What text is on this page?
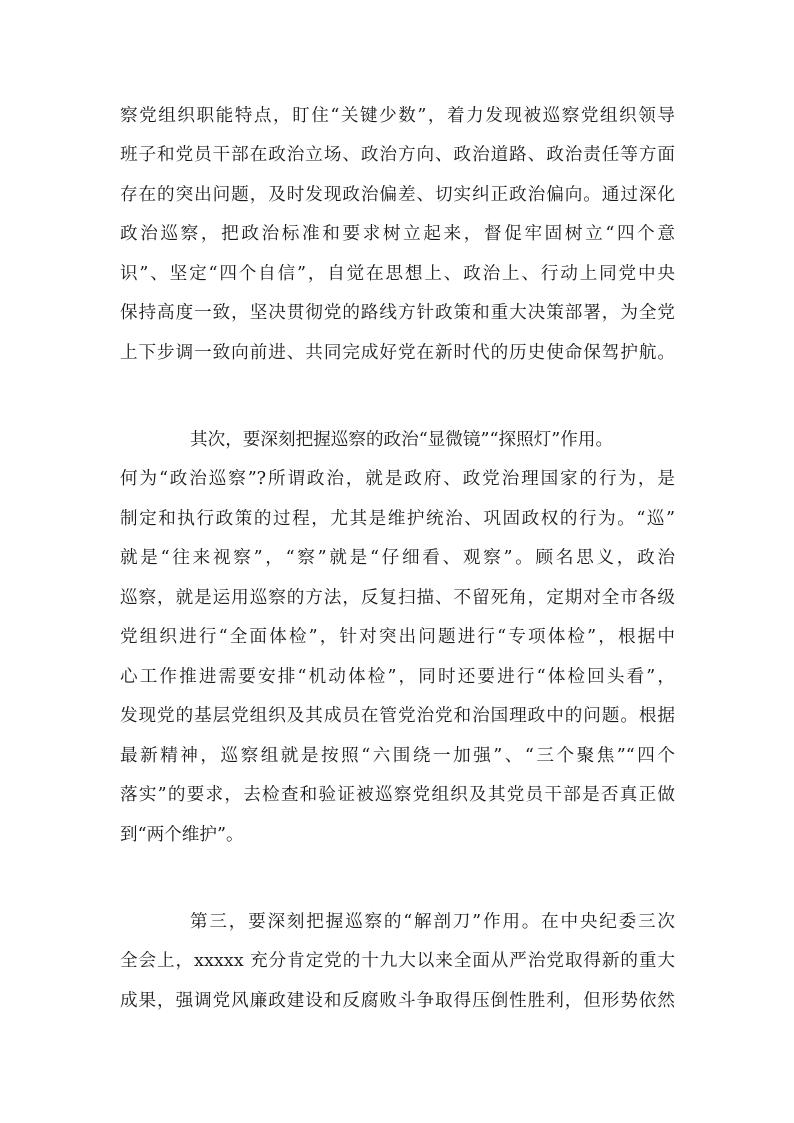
察党组织职能特点，盯住“关键少数”，着力发现被巡察党组织领导
班子和党员干部在政治立场、政治方向、政治道路、政治责任等方面
存在的突出问题，及时发现政治偏差、切实纠正政治偏向。通过深化
政治巡察，把政治标准和要求树立起来，督促牢固树立“四个意
识”、坚定“四个自信”，自觉在思想上、政治上、行动上同党中央
保持高度一致，坚决贯彻党的路线方针政策和重大决策部署，为全党
上下步调一致向前进、共同完成好党在新时代的历史使命保驾护航。
其次，要深刻把握巡察的政治“显微镜”“探照灯”作用。
何为“政治巡察”?所谓政治，就是政府、政党治理国家的行为，是
制定和执行政策的过程，尤其是维护统治、巩固政权的行为。“巡”
就是“往来视察”，“察”就是“仔细看、观察”。顾名思义，政治
巡察，就是运用巡察的方法，反复扫描、不留死角，定期对全市各级
党组织进行“全面体检”，针对突出问题进行“专项体检”，根据中
心工作推进需要安排“机动体检”，同时还要进行“体检回头看”，
发现党的基层党组织及其成员在管党治党和治国理政中的问题。根据
最新精神，巡察组就是按照“六围绕一加强”、“三个聚焦”“四个
落实”的要求，去检查和验证被巡察党组织及其党员干部是否真正做
到“两个维护”。
第三，要深刻把握巡察的“解剖刀”作用。在中央纪委三次
全会上，xxxxx 充分肯定党的十九大以来全面从严治党取得新的重大
成果，强调党风廉政建设和反腐败斗争取得压倒性胜利，但形势依然
